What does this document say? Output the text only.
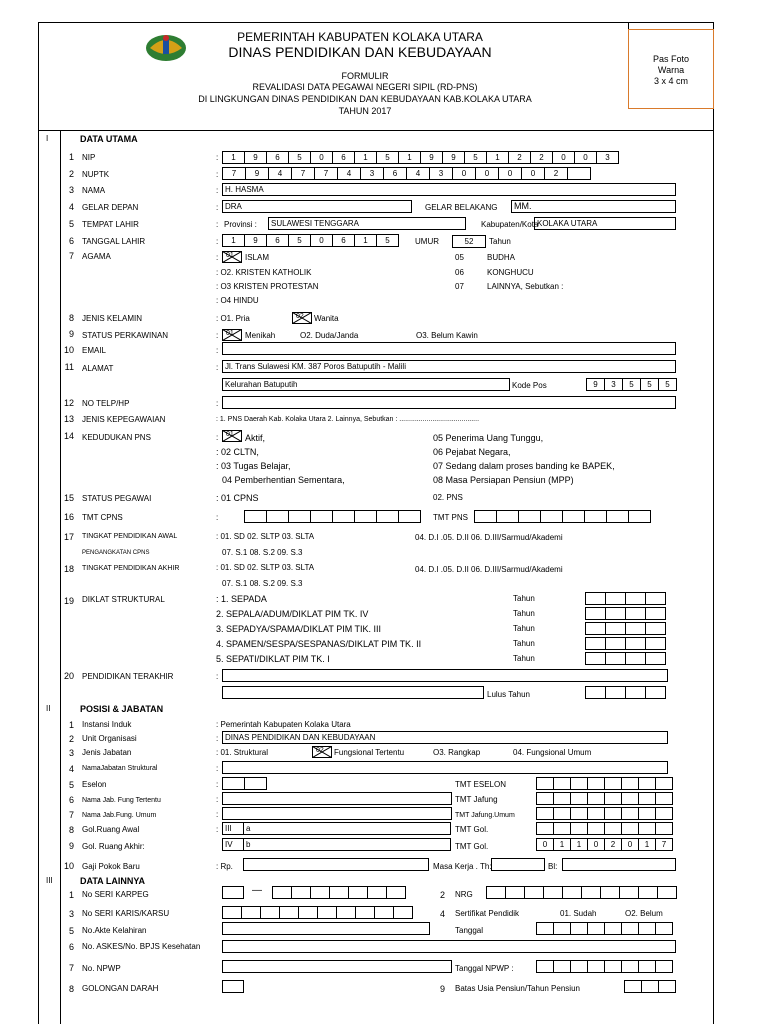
PEMERINTAH KABUPATEN KOLAKA UTARA
DINAS PENDIDIKAN DAN KEBUDAYAAN	Pas Foto
Warna
3 x 4 cm
FORMULIR
REVALIDASI DATA PEGAWAI NEGERI SIPIL (RD-PNS)
DI LINGKUNGAN DINAS PENDIDIKAN DAN KEBUDAYAAN KAB.KOLAKA UTARA
TAHUN 2017
I	DATA UTAMA
1 NIP	:	1	9	6	5	0	6	1	5	1	9	9	5	1	2	2	0	0	3
2 NUPTK	:	7	9	4	7	7	4	3	6	4	3	0	0	0	0	2
3 NAMA	: H. HASMA
4 GELAR DEPAN	: DRA	GELAR BELAKANG	MM.
5 TEMPAT LAHIR	: Provinsi :	SULAWESI TENGGARA	Kabupaten/Kota
KOLAKA UTARA
6 TANGGAL LAHIR	:	1	9	6	5	0	6	1	5	UMUR	52	Tahun
7 AGAMA	: 01 ISLAM
: O2. KRISTEN KATHOLIK
: O3 KRISTEN PROTESTAN
: O4 HINDU
05	BUDHA
06	KONGHUCU
07	LAINNYA, Sebutkan :
8 JENIS KELAMIN	: O1. Pria	02 Wanita
9 STATUS PERKAWINAN	: 01 Menikah	O2. Duda/Janda	O3. Belum Kawin
10 EMAIL	:
11 ALAMAT	: Jl. Trans Sulawesi KM. 387 Poros Batuputih - Malili
Kelurahan Batuputih	Kode Pos	9	3	5	5	5
12 NO TELP/HP	:
13 JENIS KEPEGAWAIAN	: 1. PNS Daerah Kab. Kolaka Utara 2. Lainnya, Sebutkan : .........................................
14 KEDUDUKAN PNS	: 01 Aktif,
: 02 CLTN,
: 03 Tugas Belajar,
04 Pemberhentian Sementara,
05 Penerima Uang Tunggu,
06 Pejabat Negara,
07 Sedang dalam proses banding ke BAPEK,
08 Masa Persiapan Pensiun (MPP)
15 STATUS PEGAWAI	: 01 CPNS	02. PNS
16 TMT CPNS	:	TMT PNS
17 TINGKAT PENDIDIKAN AWAL
PENGANGKATAN CPNS
: 01. SD 02. SLTP 03. SLTA	04. D.I .05. D.II 06. D.III/Sarmud/Akademi
07. S.1 08. S.2 09. S.3
18 TINGKAT PENDIDIKAN AKHIR	: 01. SD 02. SLTP 03. SLTA	04. D.I .05. D.II 06. D.III/Sarmud/Akademi
07. S.1 08. S.2 09. S.3
19 DIKLAT STRUKTURAL	: 1. SEPADA	Tahun
2. SEPALA/ADUM/DIKLAT PIM TK. IV	Tahun
3. SEPADYA/SPAMA/DIKLAT PIM TIK. III	Tahun
4. SPAMEN/SESPA/SESPANAS/DIKLAT PIM TK. II	Tahun
5. SEPATI/DIKLAT PIM TK. I	Tahun
20 PENDIDIKAN TERAKHIR	:
Lulus Tahun
II	POSISI & JABATAN
1 Instansi Induk	: Pemerintah Kabupaten Kolaka Utara
2 Unit Organisasi	: DINAS PENDIDIKAN DAN KEBUDAYAAN
3 Jenis Jabatan	: 01. Struktural	02 Fungsional Tertentu	O3. Rangkap	04. Fungsional Umum
4 NamaJabatan Struktural	:
5 Eselon	:	TMT ESELON
6 Nama Jab. Fung Tertentu	:	TMT Jafung
7 Nama Jab.Fung. Umum	:	TMT Jafung.Umum
8 Gol.Ruang Awal	: III	a	TMT Gol.
9 Gol. Ruang Akhir:	IV	b	TMT Gol.	0	1	1	0	2	0	1	7
10 Gaji Pokok Baru	: Rp.	Masa Kerja . Th:	Bl:
III	DATA LAINNYA
1 No SERI KARPEG	—	2 NRG
3 No SERI KARIS/KARSU	4 Sertifikat Pendidik	01. Sudah	O2. Belum
5 No.Akte Kelahiran	Tanggal
6 No. ASKES/No. BPJS Kesehatan
7 No. NPWP	Tanggal NPWP :
8 GOLONGAN DARAH	9 Batas Usia Pensiun/Tahun Pensiun
